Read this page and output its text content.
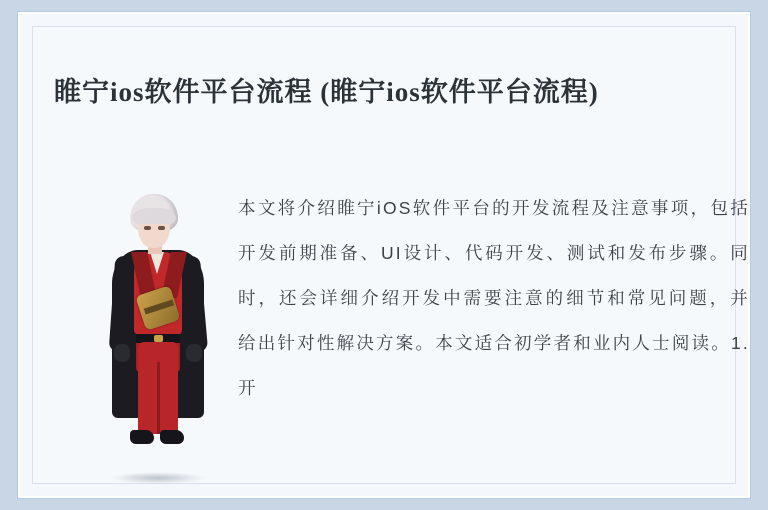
睢宁ios软件平台流程 (睢宁ios软件平台流程)
本文将介绍睢宁iOS软件平台的开发流程及注意事项，包括开发前期准备、UI设计、代码开发、测试和发布步骤。同时，还会详细介绍开发中需要注意的细节和常见问题，并给出针对性解决方案。本文适合初学者和业内人士阅读。1. 开
